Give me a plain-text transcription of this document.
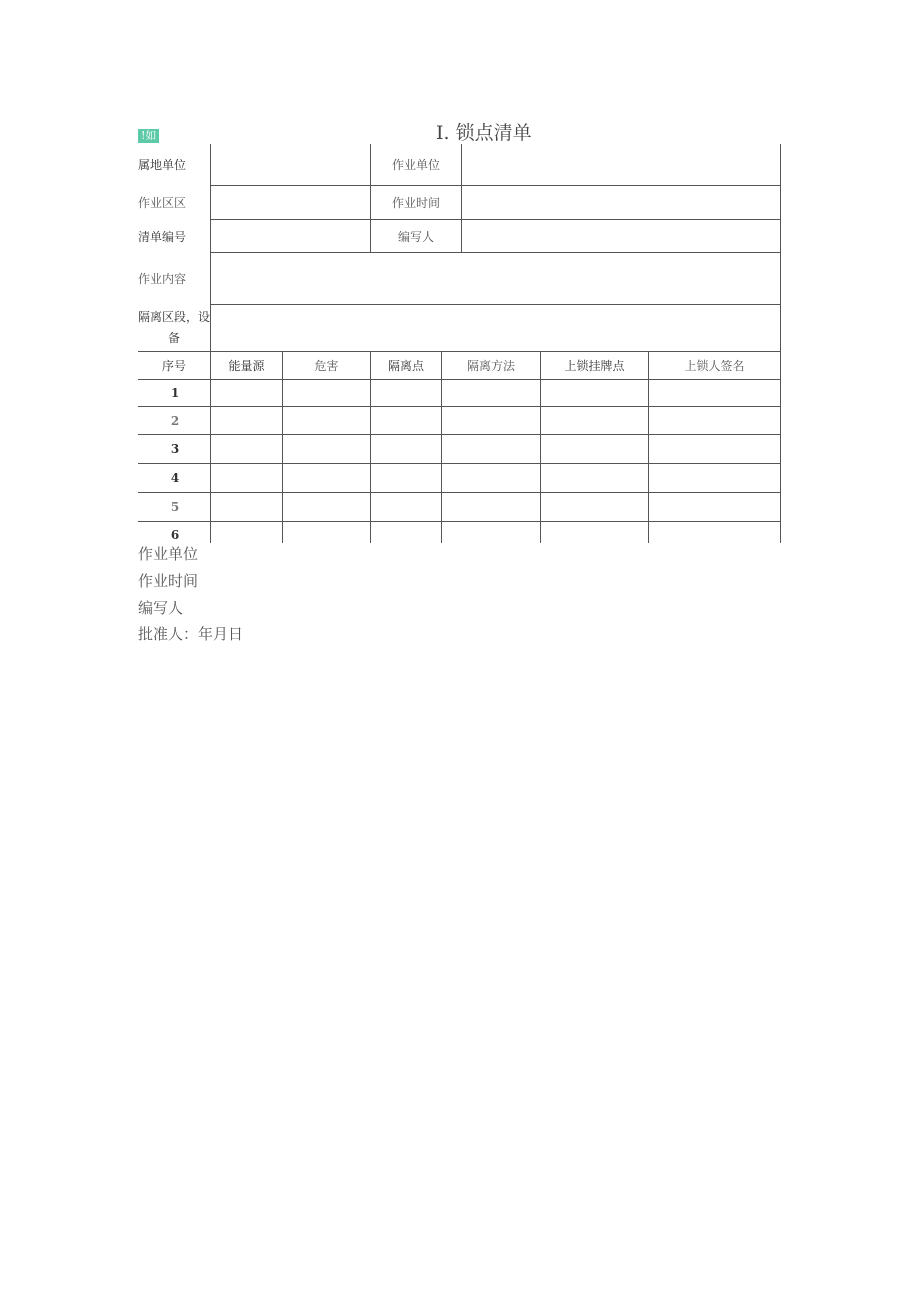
!如	I. 锁点清单
属地单位	作业单位
作业区区	作业时间
清单编号	编写人
作业内容
隔离区段，设
备
序号	能量源	危害	隔离点	隔离方法	上锁挂牌点	上锁人签名
1
2
3
4
5
6
作业单位
作业时间
编写人
批准人：年月日
